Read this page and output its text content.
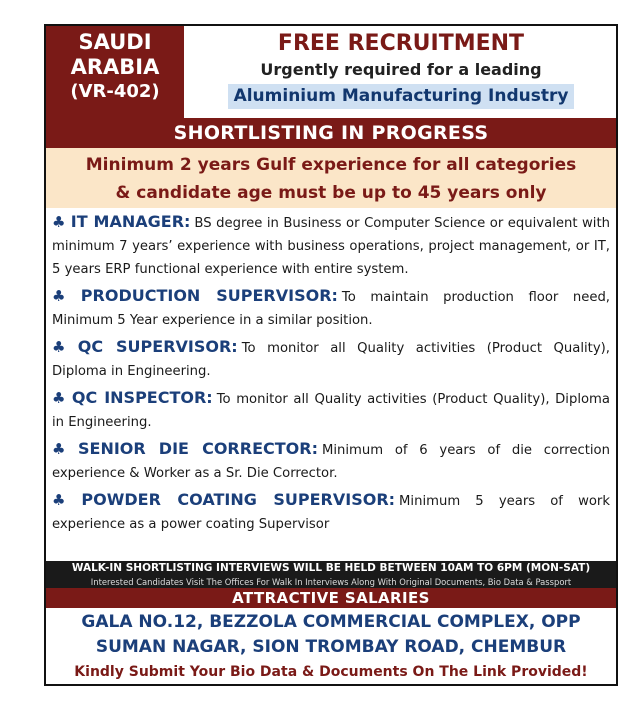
SAUDI
ARABIA
(VR-402)
FREE RECRUITMENT
Urgently required for a leading
Aluminium Manufacturing Industry
SHORTLISTING IN PROGRESS
Minimum 2 years Gulf experience for all categories
& candidate age must be up to 45 years only
♣ IT MANAGER: BS degree in Business or Computer Science or equivalent with minimum 7 years’ experience with business operations, project management, or IT, 5 years ERP functional experience with entire system.
♣ PRODUCTION SUPERVISOR: To maintain production floor need, Minimum 5 Year experience in a similar position.
♣ QC SUPERVISOR: To monitor all Quality activities (Product Quality), Diploma in Engineering.
♣ QC INSPECTOR: To monitor all Quality activities (Product Quality), Diploma in Engineering.
♣ SENIOR DIE CORRECTOR: Minimum of 6 years of die correction experience & Worker as a Sr. Die Corrector.
♣ POWDER COATING SUPERVISOR: Minimum 5 years of work experience as a power coating Supervisor
WALK-IN SHORTLISTING INTERVIEWS WILL BE HELD BETWEEN 10AM TO 6PM (MON-SAT)
Interested Candidates Visit The Offices For Walk In Interviews Along With Original Documents, Bio Data & Passport
ATTRACTIVE SALARIES
GALA NO.12, BEZZOLA COMMERCIAL COMPLEX, OPP
SUMAN NAGAR, SION TROMBAY ROAD, CHEMBUR
Kindly Submit Your Bio Data & Documents On The Link Provided!
